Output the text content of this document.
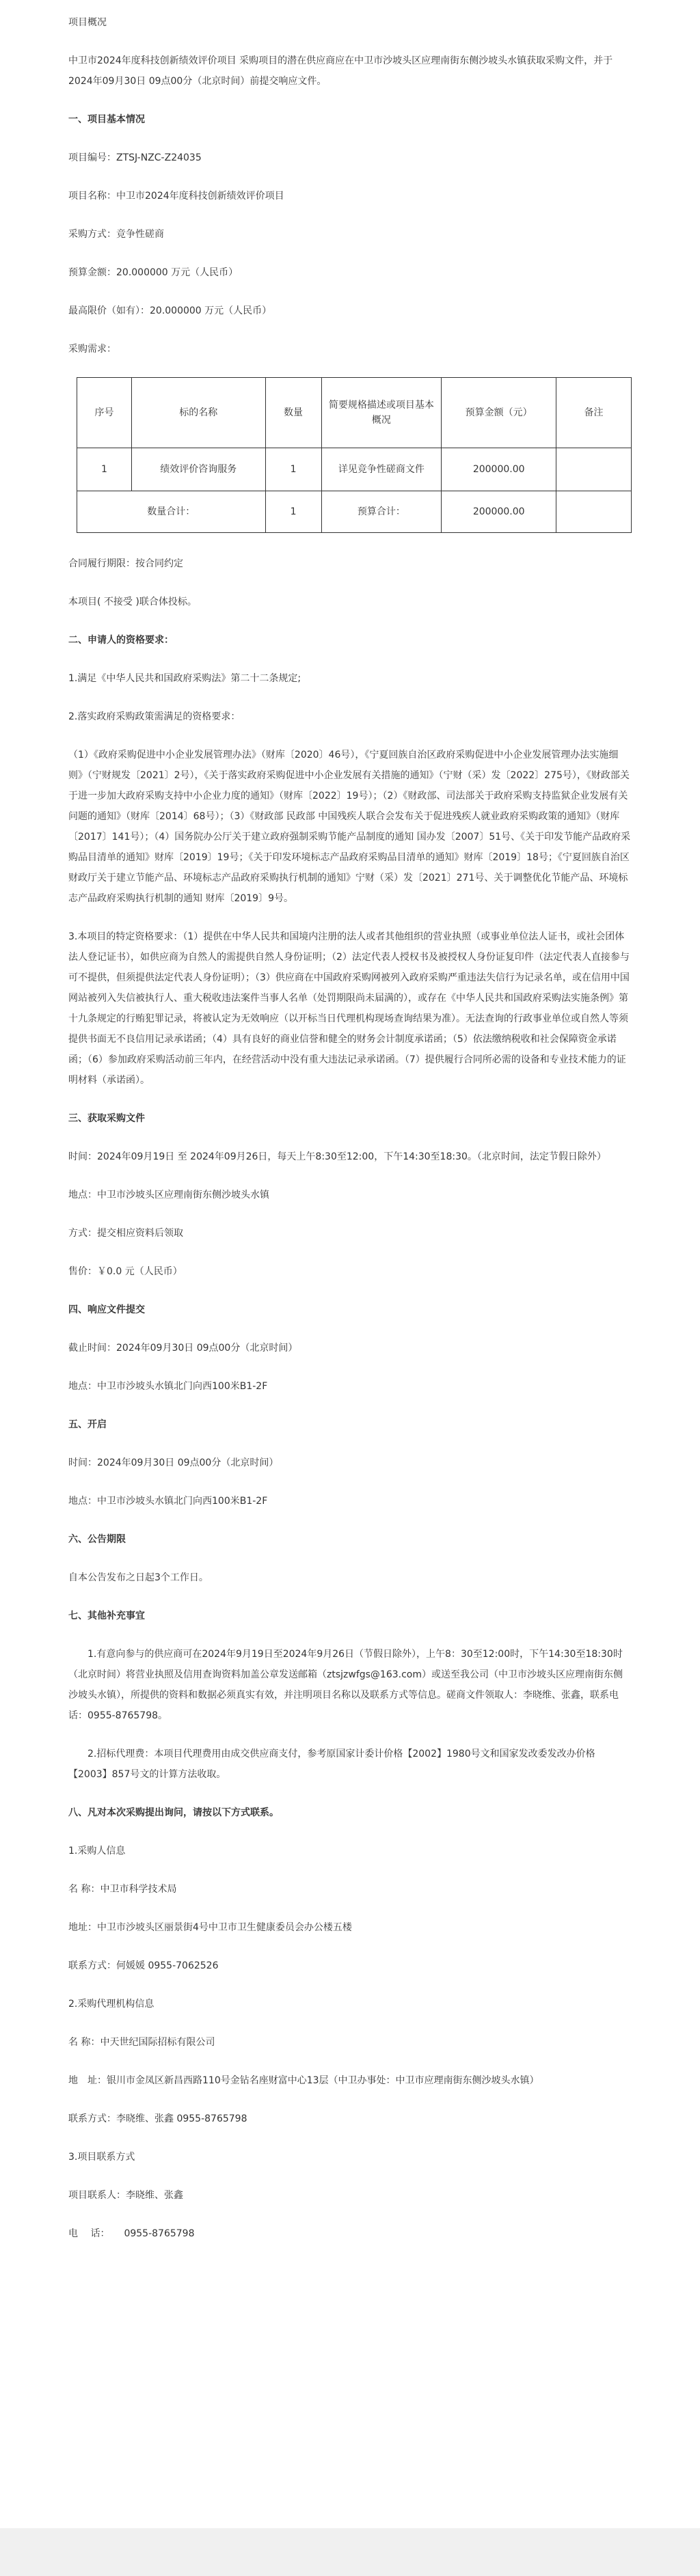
项目概况

中卫市2024年度科技创新绩效评价项目 采购项目的潜在供应商应在中卫市沙坡头区应理南街东侧沙坡头水镇获取采购文件，并于2024年09月30日 09点00分（北京时间）前提交响应文件。

一、项目基本情况

项目编号：ZTSJ-NZC-Z24035

项目名称：中卫市2024年度科技创新绩效评价项目

采购方式：竞争性磋商

预算金额：20.000000 万元（人民币）

最高限价（如有）：20.000000 万元（人民币）

采购需求：

序号	标的名称	数量	简要规格描述或项目基本概况	预算金额（元）	备注
1	绩效评价咨询服务	1	详见竞争性磋商文件	200000.00	
数量合计：		1	预算合计：	200000.00	

合同履行期限：按合同约定

本项目( 不接受 )联合体投标。

二、申请人的资格要求：

1.满足《中华人民共和国政府采购法》第二十二条规定;

2.落实政府采购政策需满足的资格要求：

（1）《政府采购促进中小企业发展管理办法》（财库〔2020〕46号），《宁夏回族自治区政府采购促进中小企业发展管理办法实施细则》（宁财规发〔2021〕2号），《关于落实政府采购促进中小企业发展有关措施的通知》（宁财（采）发〔2022〕275号），《财政部关于进一步加大政府采购支持中小企业力度的通知》（财库〔2022〕19号）；（2）《财政部、司法部关于政府采购支持监狱企业发展有关问题的通知》（财库〔2014〕68号）；（3）《财政部 民政部 中国残疾人联合会发布关于促进残疾人就业政府采购政策的通知》（财库〔2017〕141号）；（4）国务院办公厅关于建立政府强制采购节能产品制度的通知 国办发〔2007〕51号、《关于印发节能产品政府采购品目清单的通知》财库〔2019〕19号；《关于印发环境标志产品政府采购品目清单的通知》财库〔2019〕18号；《宁夏回族自治区财政厅关于建立节能产品、环境标志产品政府采购执行机制的通知》宁财（采）发〔2021〕271号、关于调整优化节能产品、环境标志产品政府采购执行机制的通知 财库〔2019〕9号。

3.本项目的特定资格要求：（1）提供在中华人民共和国境内注册的法人或者其他组织的营业执照（或事业单位法人证书，或社会团体法人登记证书），如供应商为自然人的需提供自然人身份证明；（2）法定代表人授权书及被授权人身份证复印件（法定代表人直接参与可不提供，但须提供法定代表人身份证明）；（3）供应商在中国政府采购网被列入政府采购严重违法失信行为记录名单，或在信用中国网站被列入失信被执行人、重大税收违法案件当事人名单（处罚期限尚未届满的），或存在《中华人民共和国政府采购法实施条例》第十九条规定的行贿犯罪记录，将被认定为无效响应（以开标当日代理机构现场查询结果为准）。无法查询的行政事业单位或自然人等须提供书面无不良信用记录承诺函；（4）具有良好的商业信誉和健全的财务会计制度承诺函；（5）依法缴纳税收和社会保障资金承诺函；（6）参加政府采购活动前三年内，在经营活动中没有重大违法记录承诺函。（7）提供履行合同所必需的设备和专业技术能力的证明材料（承诺函）。

三、获取采购文件

时间：2024年09月19日 至 2024年09月26日，每天上午8:30至12:00，下午14:30至18:30。（北京时间，法定节假日除外）

地点：中卫市沙坡头区应理南街东侧沙坡头水镇

方式：提交相应资料后领取

售价：￥0.0 元（人民币）

四、响应文件提交

截止时间：2024年09月30日 09点00分（北京时间）

地点：中卫市沙坡头水镇北门向西100米B1-2F

五、开启

时间：2024年09月30日 09点00分（北京时间）

地点：中卫市沙坡头水镇北门向西100米B1-2F

六、公告期限

自本公告发布之日起3个工作日。

七、其他补充事宜

1.有意向参与的供应商可在2024年9月19日至2024年9月26日（节假日除外），上午8：30至12:00时，下午14:30至18:30时（北京时间）将营业执照及信用查询资料加盖公章发送邮箱（ztsjzwfgs@163.com）或送至我公司（中卫市沙坡头区应理南街东侧沙坡头水镇），所提供的资料和数据必须真实有效，并注明项目名称以及联系方式等信息。磋商文件领取人：李晓维、张鑫，联系电话：0955-8765798。

2.招标代理费：本项目代理费用由成交供应商支付，参考原国家计委计价格【2002】1980号文和国家发改委发改办价格【2003】857号文的计算方法收取。

八、凡对本次采购提出询问，请按以下方式联系。

1.采购人信息

名 称：中卫市科学技术局

地址：中卫市沙坡头区丽景街4号中卫市卫生健康委员会办公楼五楼

联系方式：何媛媛 0955-7062526

2.采购代理机构信息

名 称：中天世纪国际招标有限公司

地　址：银川市金凤区新昌西路110号金钻名座财富中心13层（中卫办事处：中卫市应理南街东侧沙坡头水镇）

联系方式：李晓维、张鑫 0955-8765798

3.项目联系方式

项目联系人：李晓维、张鑫

电　 话：　　0955-8765798
